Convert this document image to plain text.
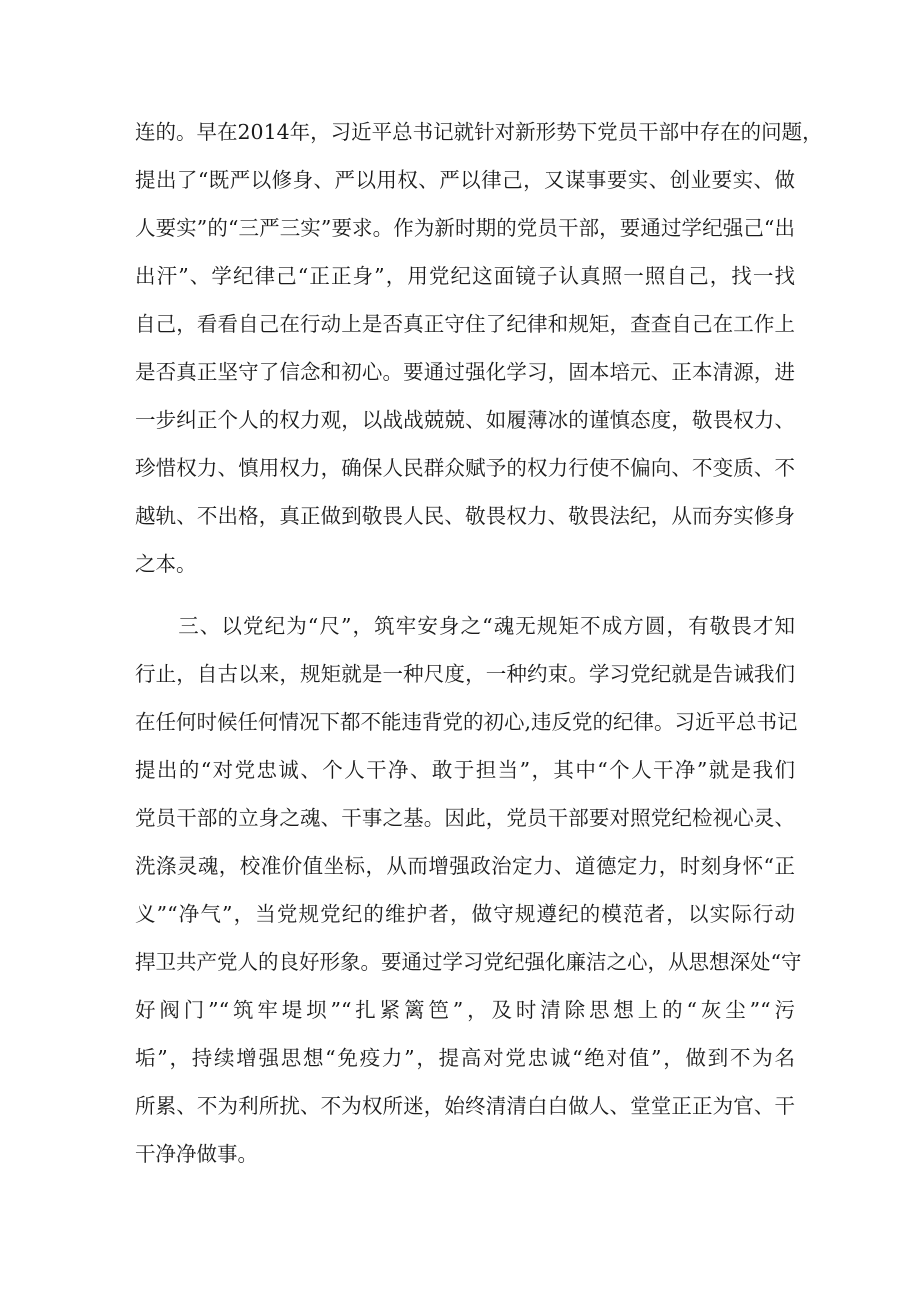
连的。早在2014年，习近平总书记就针对新形势下党员干部中存在的问题，
提出了“既严以修身、严以用权、严以律己，又谋事要实、创业要实、做
人要实”的“三严三实”要求。作为新时期的党员干部，要通过学纪强己“出
出汗”、学纪律己“正正身”，用党纪这面镜子认真照一照自己，找一找
自己，看看自己在行动上是否真正守住了纪律和规矩，查查自己在工作上
是否真正坚守了信念和初心。要通过强化学习，固本培元、正本清源，进
一步纠正个人的权力观，以战战兢兢、如履薄冰的谨慎态度，敬畏权力、
珍惜权力、慎用权力，确保人民群众赋予的权力行使不偏向、不变质、不
越轨、不出格，真正做到敬畏人民、敬畏权力、敬畏法纪，从而夯实修身
之本。
　　三、以党纪为“尺”，筑牢安身之“魂无规矩不成方圆，有敬畏才知
行止，自古以来，规矩就是一种尺度，一种约束。学习党纪就是告诫我们
在任何时候任何情况下都不能违背党的初心,违反党的纪律。习近平总书记
提出的“对党忠诚、个人干净、敢于担当”，其中“个人干净”就是我们
党员干部的立身之魂、干事之基。因此，党员干部要对照党纪检视心灵、
洗涤灵魂，校准价值坐标，从而增强政治定力、道德定力，时刻身怀“正
义”“净气”，当党规党纪的维护者，做守规遵纪的模范者，以实际行动
捍卫共产党人的良好形象。要通过学习党纪强化廉洁之心，从思想深处“守
好阀门”“筑牢堤坝”“扎紧篱笆”，及时清除思想上的“灰尘”“污
垢”，持续增强思想“免疫力”，提高对党忠诚“绝对值”，做到不为名
所累、不为利所扰、不为权所迷，始终清清白白做人、堂堂正正为官、干
干净净做事。
